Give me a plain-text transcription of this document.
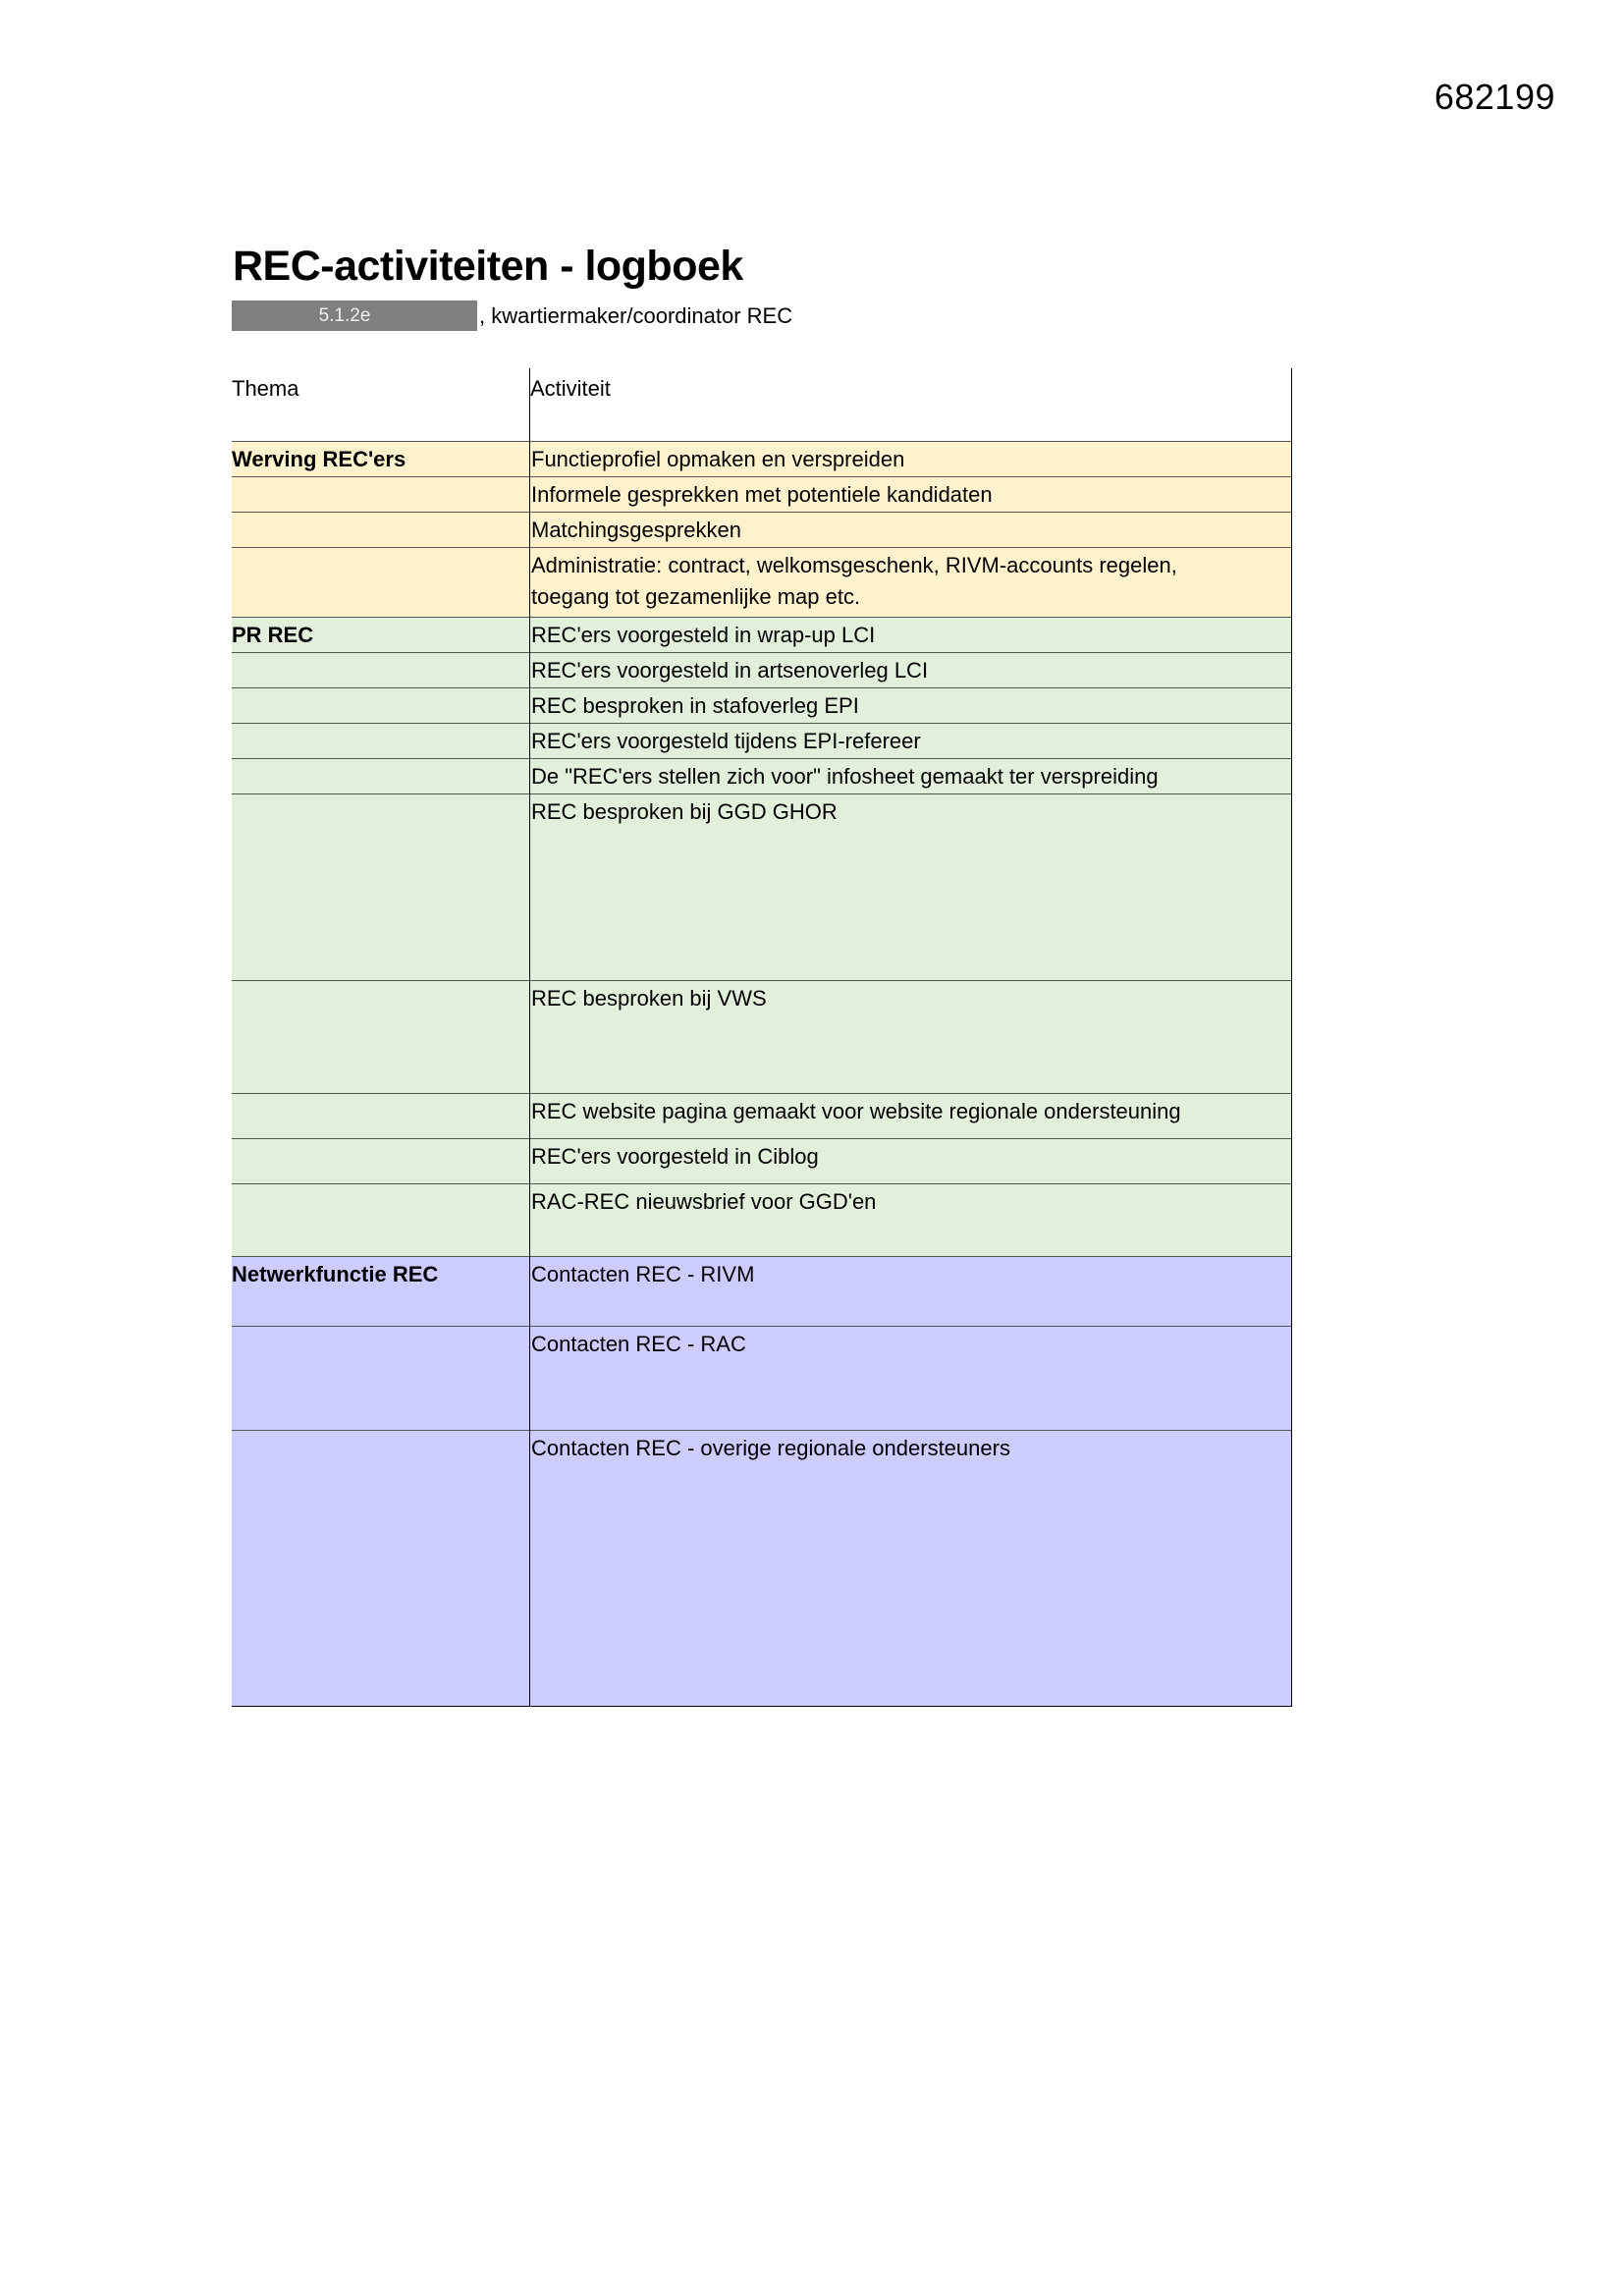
682199
REC-activiteiten - logboek
5.1.2e	, kwartiermaker/coordinator REC
Thema	Activiteit
Werving REC'ers	Functieprofiel opmaken en verspreiden

	Informele gesprekken met potentiele kandidaten

	Matchingsgesprekken

	Administratie: contract, welkomsgeschenk, RIVM-accounts regelen, toegang tot gezamenlijke map etc.

PR REC	REC'ers voorgesteld in wrap-up LCI

	REC'ers voorgesteld in artsenoverleg LCI

	REC besproken in stafoverleg EPI

	REC'ers voorgesteld tijdens EPI-refereer

	De "REC'ers stellen zich voor" infosheet gemaakt ter verspreiding

	REC besproken bij GGD GHOR

	REC besproken bij VWS

	REC website pagina gemaakt voor website regionale ondersteuning

	REC'ers voorgesteld in Ciblog

	RAC-REC nieuwsbrief voor GGD'en

Netwerkfunctie REC	Contacten REC - RIVM

	Contacten REC - RAC

	Contacten REC - overige regionale ondersteuners
